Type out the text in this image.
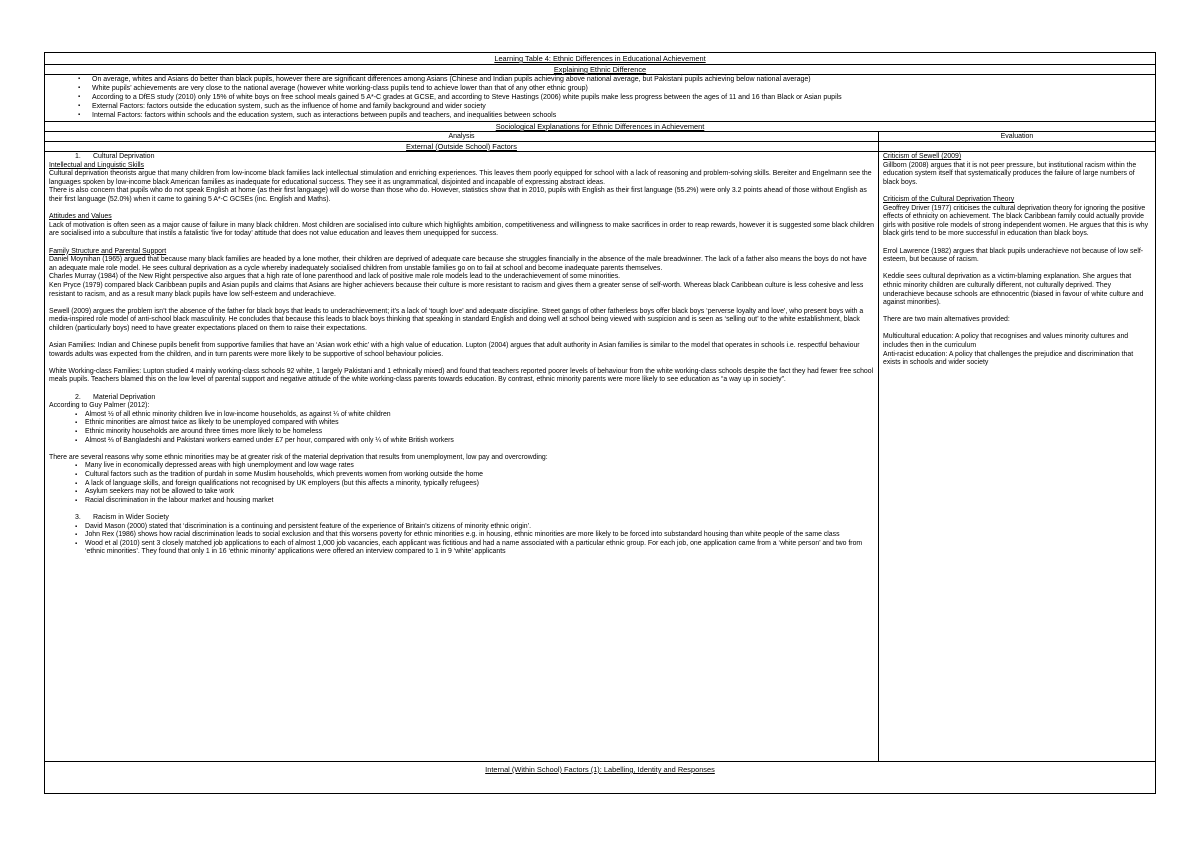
Learning Table 4: Ethnic Differences in Educational Achievement
Explaining Ethnic Difference
▪ On average, whites and Asians do better than black pupils, however there are significant differences among Asians (Chinese and Indian pupils achieving above national average, but Pakistani pupils achieving below national average)
▪ White pupils’ achievements are very close to the national average (however white working-class pupils tend to achieve lower than that of any other ethnic group)
▪ According to a DfES study (2010) only 15% of white boys on free school meals gained 5 A*-C grades at GCSE, and according to Steve Hastings (2006) white pupils make less progress between the ages of 11 and 16 than Black or Asian pupils
▪ External Factors: factors outside the education system, such as the influence of home and family background and wider society
▪ Internal Factors: factors within schools and the education system, such as interactions between pupils and teachers, and inequalities between schools
Sociological Explanations for Ethnic Differences in Achievement
Analysis	Evaluation
External (Outside School) Factors
1. Cultural Deprivation

Intellectual and Linguistic Skills

Cultural deprivation theorists argue that many children from low-income black families lack intellectual stimulation and enriching experiences. This leaves them poorly equipped for school with a lack of reasoning and problem-solving skills. Bereiter and Engelmann see the languages spoken by low-income black American families as inadequate for educational success. They see it as ungrammatical, disjointed and incapable of expressing abstract ideas.

There is also concern that pupils who do not speak English at home (as their first language) will do worse than those who do. However, statistics show that in 2010, pupils with English as their first language (55.2%) were only 3.2 points ahead of those without English as their first language (52.0%) when it came to gaining 5 A*-C GCSEs (inc. English and Maths).

Attitudes and Values

Lack of motivation is often seen as a major cause of failure in many black children. Most children are socialised into culture which highlights ambition, competitiveness and willingness to make sacrifices in order to reap rewards, however it is suggested some black children are socialised into a subculture that instils a fatalistic ‘live for today’ attitude that does not value education and leaves them unequipped for success.

Family Structure and Parental Support

Daniel Moynihan (1965) argued that because many black families are headed by a lone mother, their children are deprived of adequate care because she struggles financially in the absence of the male breadwinner. The lack of a father also means the boys do not have an adequate male role model. He sees cultural deprivation as a cycle whereby inadequately socialised children from unstable families go on to fail at school and become inadequate parents themselves.

Charles Murray (1984) of the New Right perspective also argues that a high rate of lone parenthood and lack of positive male role models lead to the underachievement of some minorities.

Ken Pryce (1979) compared black Caribbean pupils and Asian pupils and claims that Asians are higher achievers because their culture is more resistant to racism and gives them a greater sense of self-worth. Whereas black Caribbean culture is less cohesive and less resistant to racism, and as a result many black pupils have low self-esteem and underachieve.

Sewell (2009) argues the problem isn’t the absence of the father for black boys that leads to underachievement; it’s a lack of ‘tough love’ and adequate discipline. Street gangs of other fatherless boys offer black boys ‘perverse loyalty and love’, who present boys with a media-inspired role model of anti-school black masculinity. He concludes that because this leads to black boys thinking that speaking in standard English and doing well at school being viewed with suspicion and is seen as ‘selling out’ to the white establishment, black children (particularly boys) need to have greater expectations placed on them to raise their expectations.

Asian Families: Indian and Chinese pupils benefit from supportive families that have an ‘Asian work ethic’ with a high value of education. Lupton (2004) argues that adult authority in Asian families is similar to the model that operates in schools i.e. respectful behaviour towards adults was expected from the children, and in turn parents were more likely to be supportive of school behaviour policies.

White Working-class Families: Lupton studied 4 mainly working-class schools 92 white, 1 largely Pakistani and 1 ethnically mixed) and found that teachers reported poorer levels of behaviour from the white working-class schools despite the fact they had fewer free school meals pupils. Teachers blamed this on the low level of parental support and negative attitude of the white working-class parents towards education. By contrast, ethnic minority parents were more likely to see education as “a way up in society”.

2. Material Deprivation

According to Guy Palmer (2012):

▪ Almost ½ of all ethnic minority children live in low-income households, as against ¼ of white children
▪ Ethnic minorities are almost twice as likely to be unemployed compared with whites
▪ Ethnic minority households are around three times more likely to be homeless
▪ Almost ⅔ of Bangladeshi and Pakistani workers earned under £7 per hour, compared with only ¼ of white British workers

There are several reasons why some ethnic minorities may be at greater risk of the material deprivation that results from unemployment, low pay and overcrowding:

▪ Many live in economically depressed areas with high unemployment and low wage rates
▪ Cultural factors such as the tradition of purdah in some Muslim households, which prevents women from working outside the home
▪ A lack of language skills, and foreign qualifications not recognised by UK employers (but this affects a minority, typically refugees)
▪ Asylum seekers may not be allowed to take work
▪ Racial discrimination in the labour market and housing market
3. Racism in Wider Society
▪ David Mason (2000) stated that ‘discrimination is a continuing and persistent feature of the experience of Britain’s citizens of minority ethnic origin’.
▪ John Rex (1986) shows how racial discrimination leads to social exclusion and that this worsens poverty for ethnic minorities e.g. in housing, ethnic minorities are more likely to be forced into substandard housing than white people of the same class
▪ Wood et al (2010) sent 3 closely matched job applications to each of almost 1,000 job vacancies, each applicant was fictitious and had a name associated with a particular ethnic group. For each job, one application came from a ‘white person’ and two from ‘ethnic minorities’. They found that only 1 in 16 ‘ethnic minority’ applications were offered an interview compared to 1 in 9 ‘white’ applicants

Criticism of Sewell (2009)

Gillborn (2008) argues that it is not peer pressure, but institutional racism within the education system itself that systematically produces the failure of large numbers of black boys.

Criticism of the Cultural Deprivation Theory

Geoffrey Driver (1977) criticises the cultural deprivation theory for ignoring the positive effects of ethnicity on achievement. The black Caribbean family could actually provide girls with positive role models of strong independent women. He argues that this is why black girls tend to be more successful in education than black boys.

Errol Lawrence (1982) argues that black pupils underachieve not because of low self-esteem, but because of racism.

Keddie sees cultural deprivation as a victim-blaming explanation. She argues that ethnic minority children are culturally different, not culturally deprived. They underachieve because schools are ethnocentric (biased in favour of white culture and against minorities).

There are two main alternatives provided:

Multicultural education: A policy that recognises and values minority cultures and includes then in the curriculum

Anti-racist education: A policy that challenges the prejudice and discrimination that exists in schools and wider society

Internal (Within School) Factors (1): Labelling, Identity and Responses
